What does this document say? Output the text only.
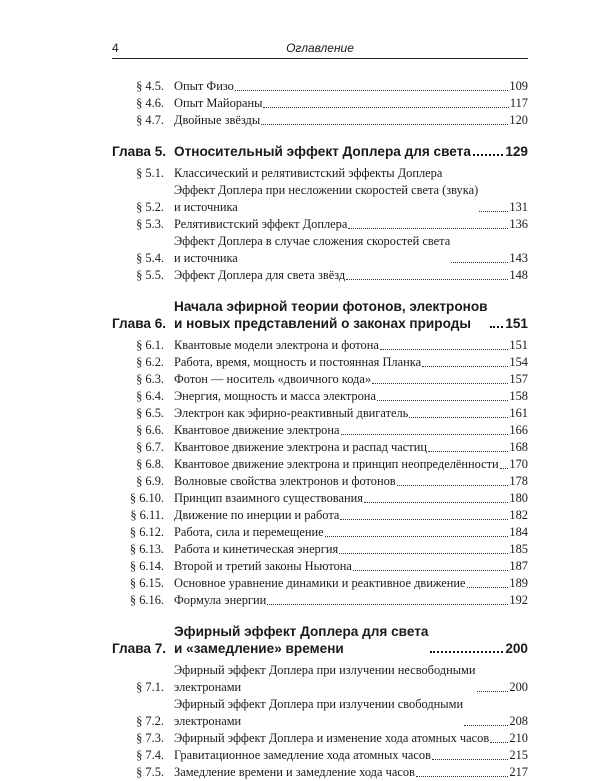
4	Оглавление
§ 4.5. Опыт Физо	109
§ 4.6. Опыт Майораны	117
§ 4.7. Двойные звёзды	120
Глава 5. Относительный эффект Доплера для света	129
§ 5.1. Классический и релятивистский эффекты Доплера
§ 5.2.
Эффект Доплера при несложении скоростей света (звука)
и источника	131
§ 5.3. Релятивистский эффект Доплера	136
§ 5.4.
Эффект Доплера в случае сложения скоростей света
и источника	143
§ 5.5. Эффект Доплера для света звёзд	148
Глава 6.
Начала эфирной теории фотонов, электронов
и новых представлений о законах природы	151
§ 6.1. Квантовые модели электрона и фотона	151
§ 6.2. Работа, время, мощность и постоянная Планка	154
§ 6.3. Фотон — носитель «двоичного кода»	157
§ 6.4. Энергия, мощность и масса электрона	158
§ 6.5. Электрон как эфирно-реактивный двигатель	161
§ 6.6. Квантовое движение электрона	166
§ 6.7. Квантовое движение электрона и распад частиц	168
§ 6.8. Квантовое движение электрона и принцип неопределённости 170
§ 6.9. Волновые свойства электронов и фотонов	178
§ 6.10. Принцип взаимного существования	180
§ 6.11. Движение по инерции и работа	182
§ 6.12. Работа, сила и перемещение	184
§ 6.13. Работа и кинетическая энергия	185
§ 6.14. Второй и третий законы Ньютона	187
§ 6.15. Основное уравнение динамики и реактивное движение	189
§ 6.16. Формула энергии	192
Глава 7.
Эфирный эффект Доплера для света
и «замедление» времени	200
§ 7.1.
Эфирный эффект Доплера при излучении несвободными
электронами	200
§ 7.2.
Эфирный эффект Доплера при излучении свободными
электронами	208
§ 7.3. Эфирный эффект Доплера и изменение хода атомных часов 210
§ 7.4. Гравитационное замедление хода атомных часов	215
§ 7.5. Замедление времени и замедление хода часов	217
